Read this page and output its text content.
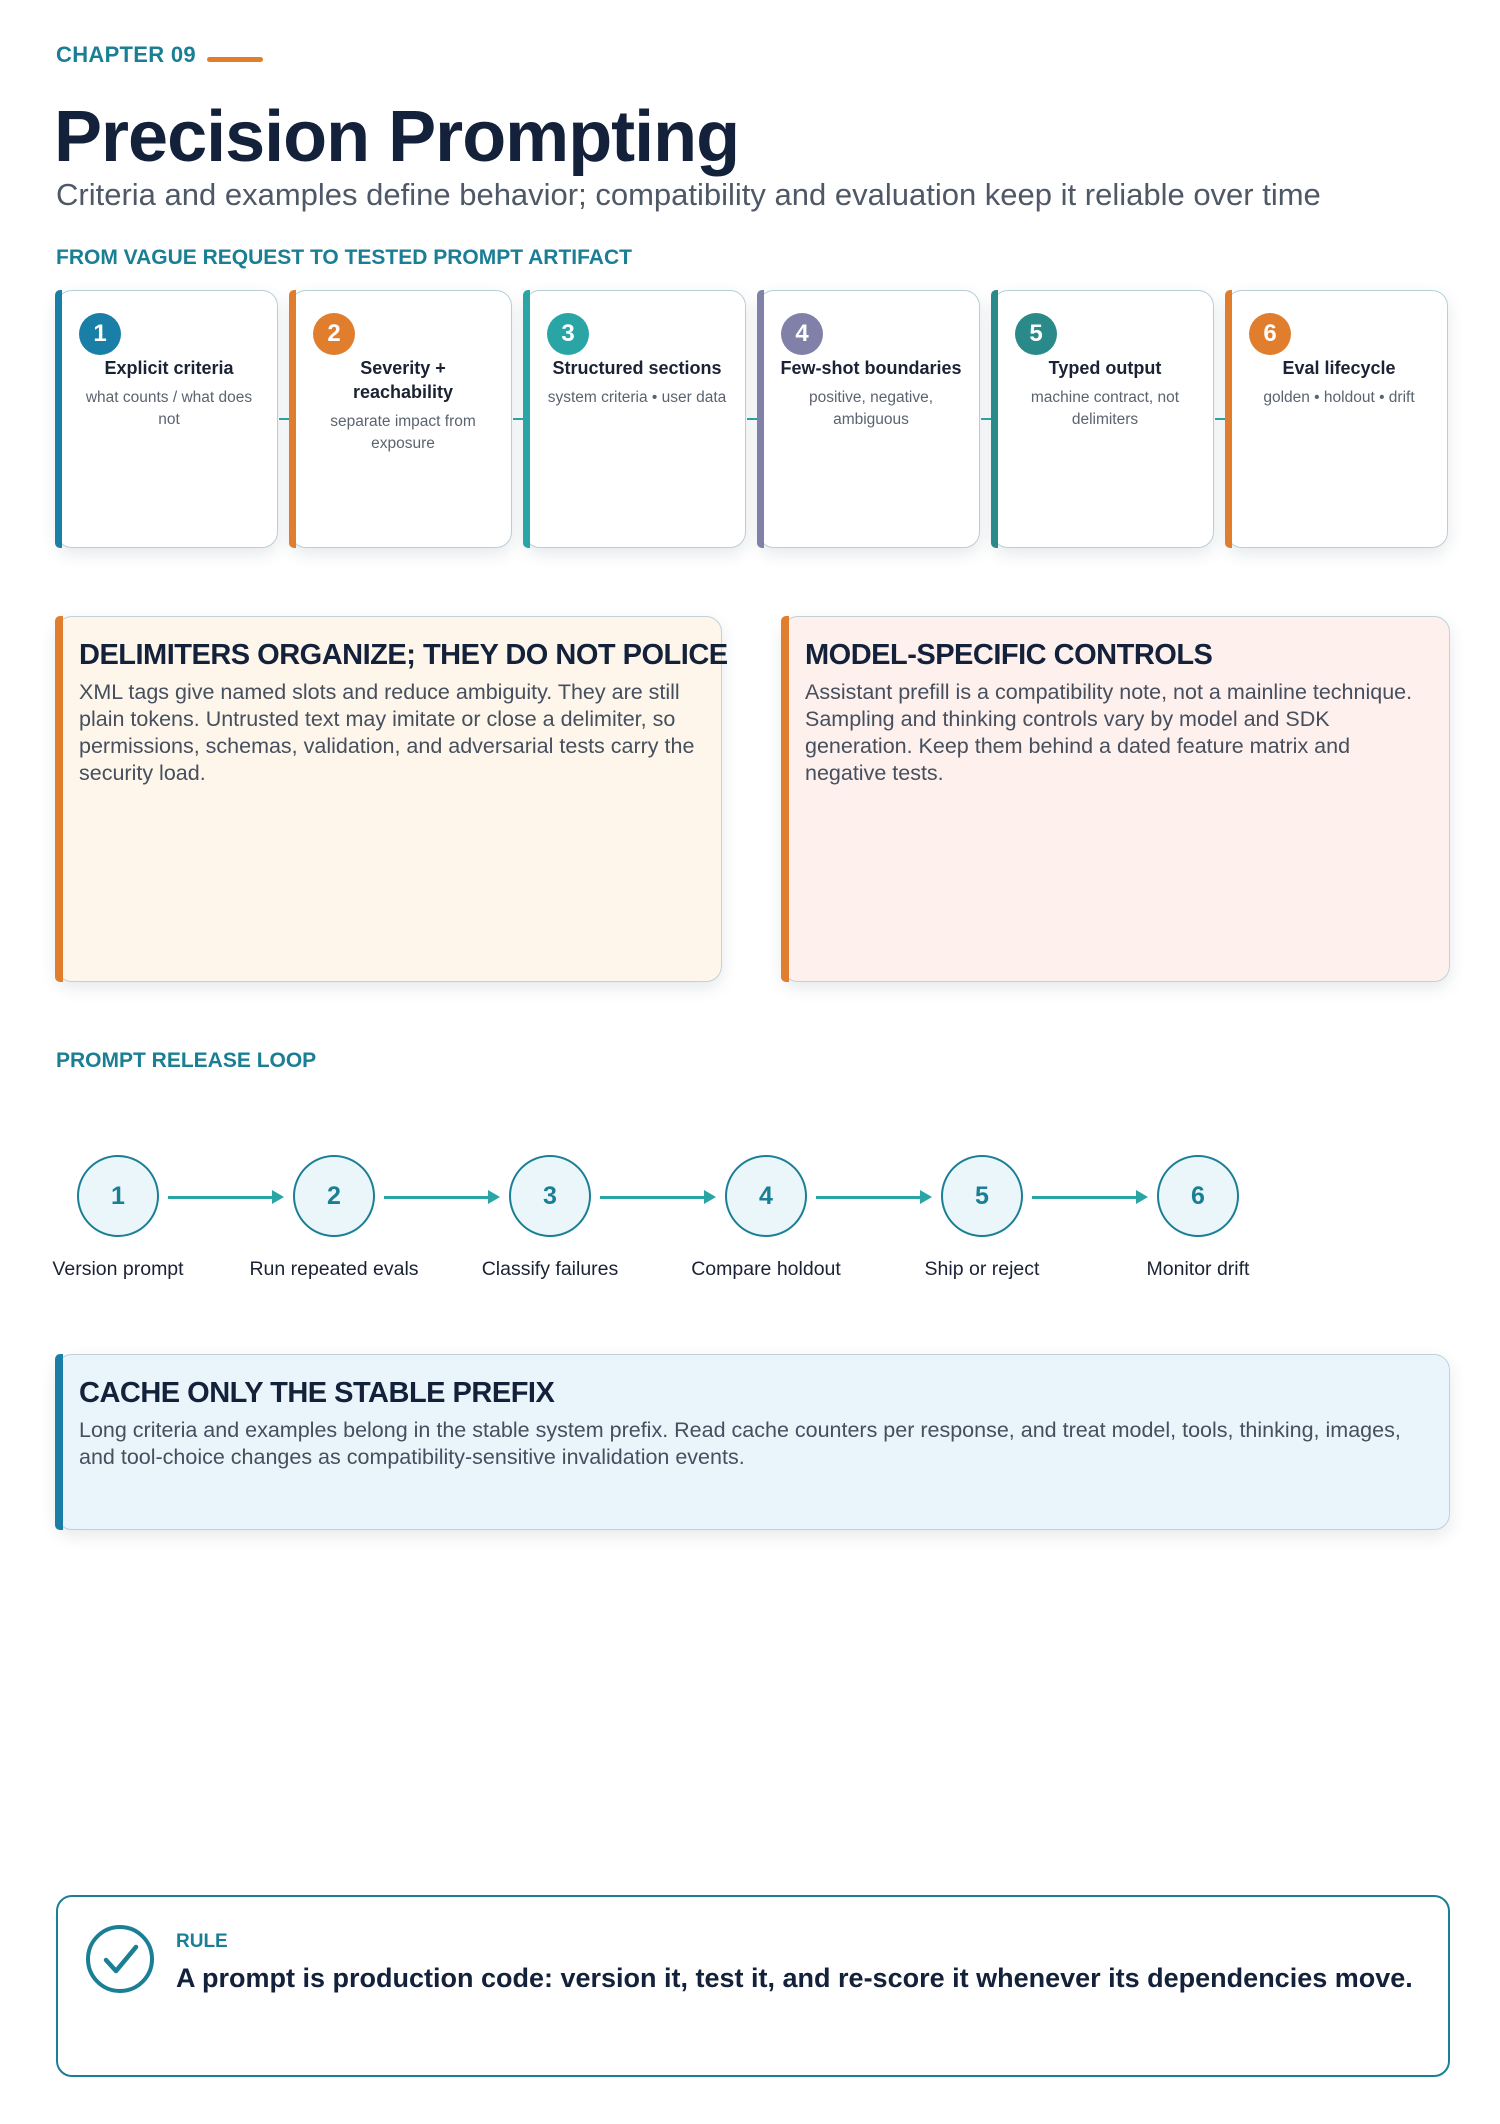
CHAPTER 09
Precision Prompting
Criteria and examples define behavior; compatibility and evaluation keep it reliable over time
FROM VAGUE REQUEST TO TESTED PROMPT ARTIFACT
1
Explicit criteria
what counts / what does not
2
Severity + reachability
separate impact from exposure
3
Structured sections
system criteria • user data
4
Few-shot boundaries
positive, negative, ambiguous
5
Typed output
machine contract, not delimiters
6
Eval lifecycle
golden • holdout • drift
DELIMITERS ORGANIZE; THEY DO NOT POLICE
XML tags give named slots and reduce ambiguity. They are still plain tokens. Untrusted text may imitate or close a delimiter, so permissions, schemas, validation, and adversarial tests carry the security load.
MODEL-SPECIFIC CONTROLS
Assistant prefill is a compatibility note, not a mainline technique. Sampling and thinking controls vary by model and SDK generation. Keep them behind a dated feature matrix and negative tests.
PROMPT RELEASE LOOP
1
Version prompt
2
Run repeated evals
3
Classify failures
4
Compare holdout
5
Ship or reject
6
Monitor drift
CACHE ONLY THE STABLE PREFIX
Long criteria and examples belong in the stable system prefix. Read cache counters per response, and treat model, tools, thinking, images, and tool-choice changes as compatibility-sensitive invalidation events.
RULE
A prompt is production code: version it, test it, and re-score it whenever its dependencies move.
